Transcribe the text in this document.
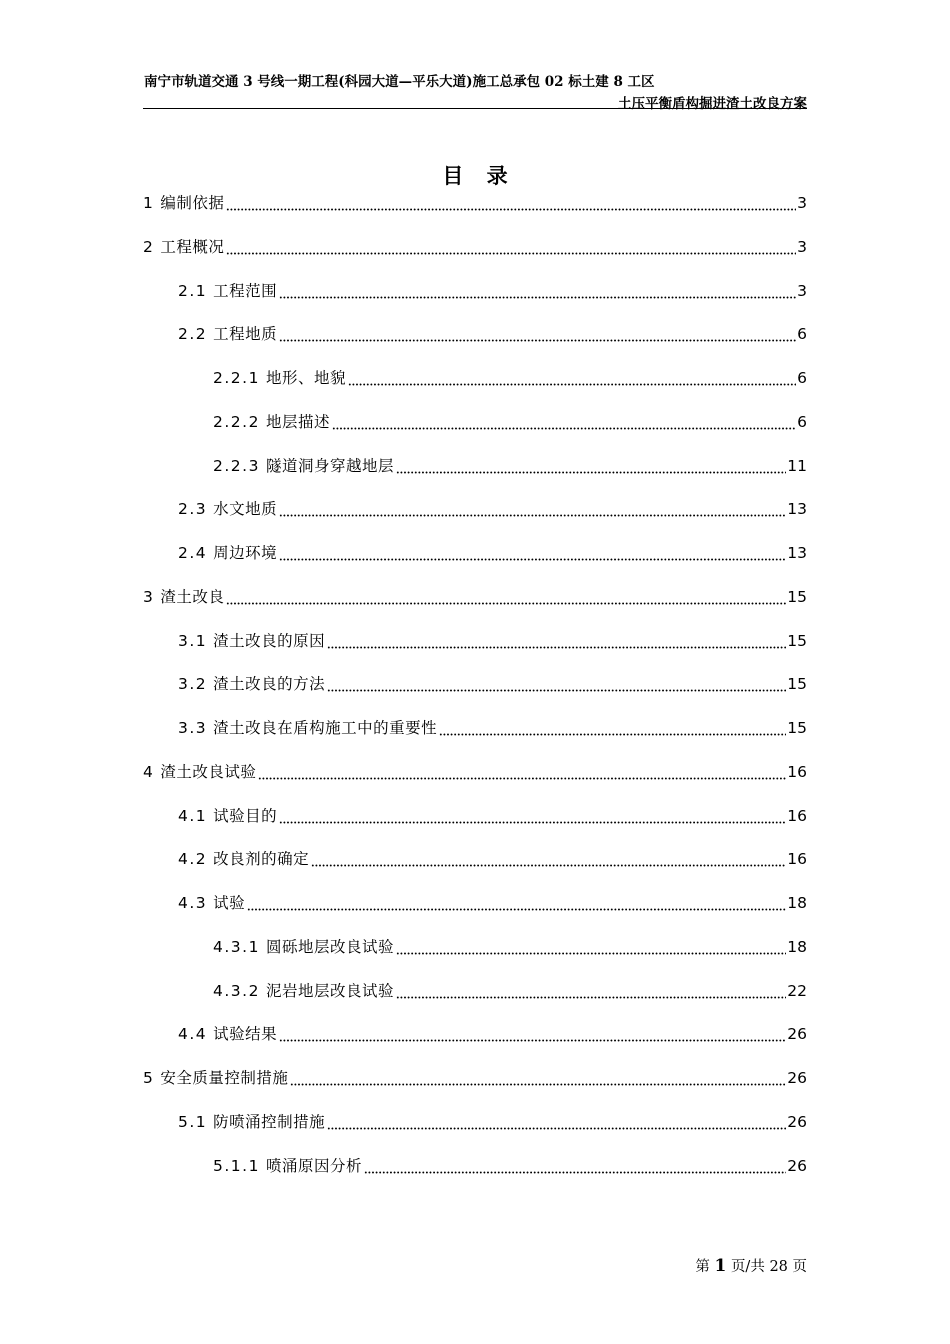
南宁市轨道交通 3 号线一期工程(科园大道—平乐大道)施工总承包 02 标土建 8 工区
土压平衡盾构掘进渣土改良方案
目 录
1 编制依据	3
2 工程概况	3
2.1 工程范围	3
2.2 工程地质	6
2.2.1 地形、地貌	6
2.2.2 地层描述	6
2.2.3 隧道洞身穿越地层	11
2.3 水文地质	13
2.4 周边环境	13
3 渣土改良	15
3.1 渣土改良的原因	15
3.2 渣土改良的方法	15
3.3 渣土改良在盾构施工中的重要性	15
4 渣土改良试验	16
4.1 试验目的	16
4.2 改良剂的确定	16
4.3 试验	18
4.3.1 圆砾地层改良试验	18
4.3.2 泥岩地层改良试验	22
4.4 试验结果	26
5 安全质量控制措施	26
5.1 防喷涌控制措施	26
5.1.1 喷涌原因分析	26
第 1 页/共 28 页
